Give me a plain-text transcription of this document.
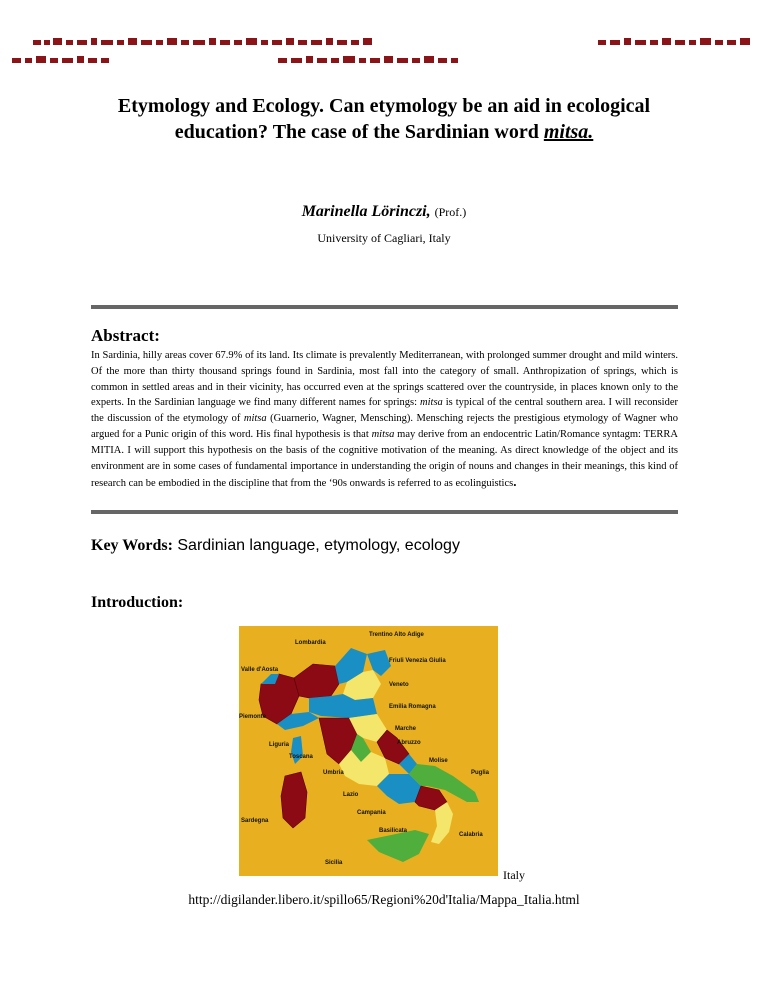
Etymology and Ecology. Can etymology be an aid in ecological education? The case of the Sardinian word mitsa.
Marinella Lörinczi, (Prof.)
University of Cagliari, Italy
Abstract:
In Sardinia, hilly areas cover 67.9% of its land. Its climate is prevalently Mediterranean, with prolonged summer drought and mild winters. Of the more than thirty thousand springs found in Sardinia, most fall into the category of small. Anthropization of springs, which is common in settled areas and in their vicinity, has occurred even at the springs scattered over the countryside, in places known only to the experts. In the Sardinian language we find many different names for springs: mitsa is typical of the central southern area. I will reconsider the discussion of the etymology of mitsa (Guarnerio, Wagner, Mensching). Mensching rejects the prestigious etymology of Wagner who argued for a Punic origin of this word. His final hypothesis is that mitsa may derive from an endocentric Latin/Romance syntagm: TERRA MITIA. I will support this hypothesis on the basis of the cognitive motivation of the meaning. As direct knowledge of the object and its environment are in some cases of fundamental importance in understanding the origin of nouns and changes in their meanings, this kind of research can be embodied in the discipline that from the ‘90s onwards is referred to as ecolinguistics.
Key Words: Sardinian language, etymology, ecology
Introduction:
Lombardia
Trentino Alto Adige
Valle d'Aosta
Friuli Venezia Giulia
Veneto
Emilia Romagna
Piemonte
Marche
Liguria	Abruzzo
Toscana
Molise
Puglia
Umbria
Lazio
Campania
Sardegna
Basilicata
Calabria
Sicilia
Italy
http://digilander.libero.it/spillo65/Regioni%20d'Italia/Mappa_Italia.html
